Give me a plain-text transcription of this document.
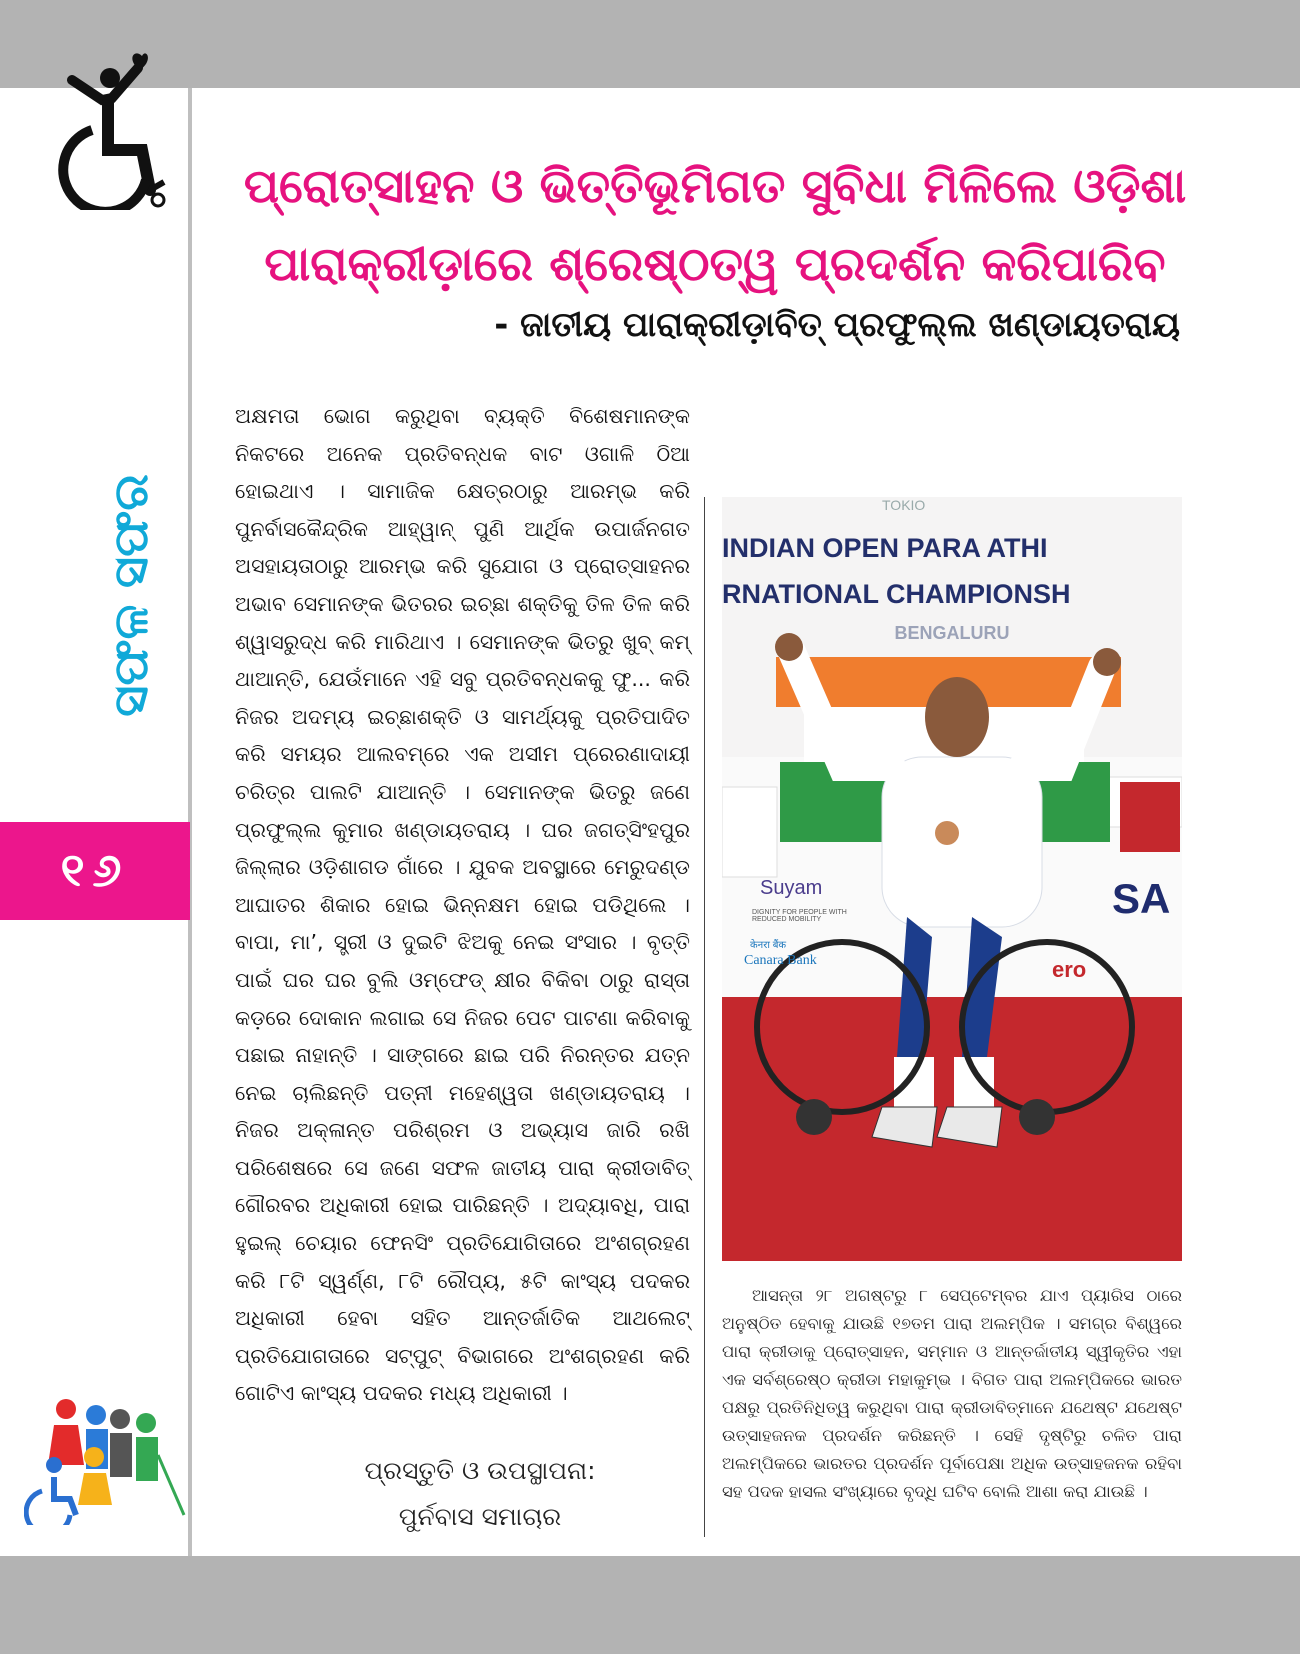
ସଫଳ ସଫର
୧୬
ପ୍ରୋତ୍ସାହନ ଓ ଭିତ୍ତିଭୂମିଗତ ସୁବିଧା ମିଳିଲେ ଓଡ଼ିଶା ପାରାକ୍ରୀଡ଼ାରେ ଶ୍ରେଷ୍ଠତ୍ୱ ପ୍ରଦର୍ଶନ କରିପାରିବ
- ଜାତୀୟ ପାରାକ୍ରୀଡ଼ାବିତ୍ ପ୍ରଫୁଲ୍ଲ ଖଣ୍ଡାୟତରାୟ
ଅକ୍ଷମତା ଭୋଗ କରୁଥିବା ବ୍ୟକ୍ତି ବିଶେଷମାନଙ୍କ ନିକଟରେ ଅନେକ ପ୍ରତିବନ୍ଧକ ବାଟ ଓଗାଳି ଠିଆ ହୋଇଥାଏ । ସାମାଜିକ କ୍ଷେତ୍ରଠାରୁ ଆରମ୍ଭ କରି ପୁନର୍ବାସକୈନ୍ଦ୍ରିକ ଆହ୍ୱାନ୍ ପୁଣି ଆର୍ଥିକ ଉପାର୍ଜନଗତ ଅସହାୟତାଠାରୁ ଆରମ୍ଭ କରି ସୁଯୋଗ ଓ ପ୍ରୋତ୍ସାହନର ଅଭାବ ସେମାନଙ୍କ ଭିତରର ଇଚ୍ଛା ଶକ୍ତିକୁ ତିଳ ତିଳ କରି ଶ୍ୱାସରୁଦ୍ଧ କରି ମାରିଥାଏ । ସେମାନଙ୍କ ଭିତରୁ ଖୁବ୍ କମ୍ ଥାଆନ୍ତି, ଯେଉଁମାନେ ଏହି ସବୁ ପ୍ରତିବନ୍ଧକକୁ ଫୁ... କରି ନିଜର ଅଦମ୍ୟ ଇଚ୍ଛାଶକ୍ତି ଓ ସାମର୍ଥ୍ୟକୁ ପ୍ରତିପାଦିତ କରି ସମୟର ଆଲବମ୍‌ରେ ଏକ ଅସୀମ ପ୍ରେରଣାଦାୟୀ ଚରିତ୍ର ପାଲଟି ଯାଆନ୍ତି । ସେମାନଙ୍କ ଭିତରୁ ଜଣେ ପ୍ରଫୁଲ୍ଲ କୁମାର ଖଣ୍ଡାୟତରାୟ । ଘର ଜଗତ୍‌ସିଂହପୁର ଜିଲ୍ଲାର ଓଡ଼ିଶାଗଡ ଗାଁରେ । ଯୁବକ ଅବସ୍ଥାରେ ମେରୁଦଣ୍ଡ ଆଘାତର ଶିକାର ହୋଇ ଭିନ୍ନକ୍ଷମ ହୋଇ ପଡିଥିଲେ । ବାପା, ମା’, ସ୍ତ୍ରୀ ଓ ଦୁଇଟି ଝିଅକୁ ନେଇ ସଂସାର । ବୃତ୍ତି ପାଇଁ ଘର ଘର ବୁଲି ଓମ୍‌ଫେଡ୍ କ୍ଷୀର ବିକିବା ଠାରୁ ରାସ୍ତା କଡ଼ରେ ଦୋକାନ ଲଗାଇ ସେ ନିଜର ପେଟ ପାଟଣା କରିବାକୁ ପଛାଇ ନାହାନ୍ତି । ସାଙ୍ଗରେ ଛାଇ ପରି ନିରନ୍ତର ଯତ୍ନ ନେଇ ଚାଲିଛନ୍ତି ପତ୍ନୀ ମହେଶ୍ୱତା ଖଣ୍ଡାୟତରାୟ । ନିଜର ଅକ୍ଳାନ୍ତ ପରିଶ୍ରମ ଓ ଅଭ୍ୟାସ ଜାରି ରଖି ପରିଶେଷରେ ସେ ଜଣେ ସଫଳ ଜାତୀୟ ପାରା କ୍ରୀଡାବିତ୍ ଗୌରବର ଅଧିକାରୀ ହୋଇ ପାରିଛନ୍ତି । ଅଦ୍ୟାବଧି, ପାରା ହୁଇଲ୍ ଚେୟାର ଫେନସିଂ ପ୍ରତିଯୋଗିତାରେ ଅଂଶଗ୍ରହଣ କରି ୮ଟି ସ୍ୱର୍ଣ୍ଣ, ୮ଟି ରୌପ୍ୟ, ୫ଟି କାଂସ୍ୟ ପଦକର ଅଧିକାରୀ ହେବା ସହିତ ଆନ୍ତର୍ଜାତିକ ଆଥଲେଟ୍ ପ୍ରତିଯୋଗତାରେ ସଟ୍‌ପୁଟ୍ ବିଭାଗରେ ଅଂଶଗ୍ରହଣ କରି ଗୋଟିଏ କାଂସ୍ୟ ପଦକର ମଧ୍ୟ ଅଧିକାରୀ ।
ପ୍ରସ୍ତୁତି ଓ ଉପସ୍ଥାପନା:
ପୁର୍ନବାସ ସମାଚାର
INDIAN OPEN PARA ATHI
RNATIONAL CHAMPIONSH
BENGALURU
Suyam
DIGNITY FOR PEOPLE WITH REDUCED MOBILITY
केनरा बैंक
Canara Bank
SA
ero
TOKIO
ଆସନ୍ତା ୨୮ ଅଗଷ୍ଟରୁ ୮ ସେପ୍ଟେମ୍ବର ଯାଏ ପ୍ୟାରିସ ଠାରେ ଅନୁଷ୍ଠିତ ହେବାକୁ ଯାଉଛି ୧୭ତମ ପାରା ଅଲମ୍ପିକ । ସମଗ୍ର ବିଶ୍ୱରେ ପାରା କ୍ରୀଡାକୁ ପ୍ରୋତ୍ସାହନ, ସମ୍ମାନ ଓ ଆନ୍ତର୍ଜାତୀୟ ସ୍ୱୀକୃତିର ଏହା ଏକ ସର୍ବଶ୍ରେଷ୍ଠ କ୍ରୀଡା ମହାକୁମ୍ଭ । ବିଗତ ପାରା ଅଲମ୍ପିକରେ ଭାରତ ପକ୍ଷରୁ ପ୍ରତିନିଧିତ୍ୱ କରୁଥିବା ପାରା କ୍ରୀଡାବିତ୍‌ମାନେ ଯଥେଷ୍ଟ ଯଥେଷ୍ଟ ଉତ୍ସାହଜନକ ପ୍ରଦର୍ଶନ କରିଛନ୍ତି । ସେହି ଦୃଷ୍ଟିରୁ ଚଳିତ ପାରା ଅଲମ୍ପିକରେ ଭାରତର ପ୍ରଦର୍ଶନ ପୂର୍ବାପେକ୍ଷା ଅଧିକ ଉତ୍ସାହଜନକ ରହିବା ସହ ପଦକ ହାସଲ ସଂଖ୍ୟାରେ ବୃଦ୍ଧି ଘଟିବ ବୋଲି ଆଶା କରା ଯାଉଛି ।
